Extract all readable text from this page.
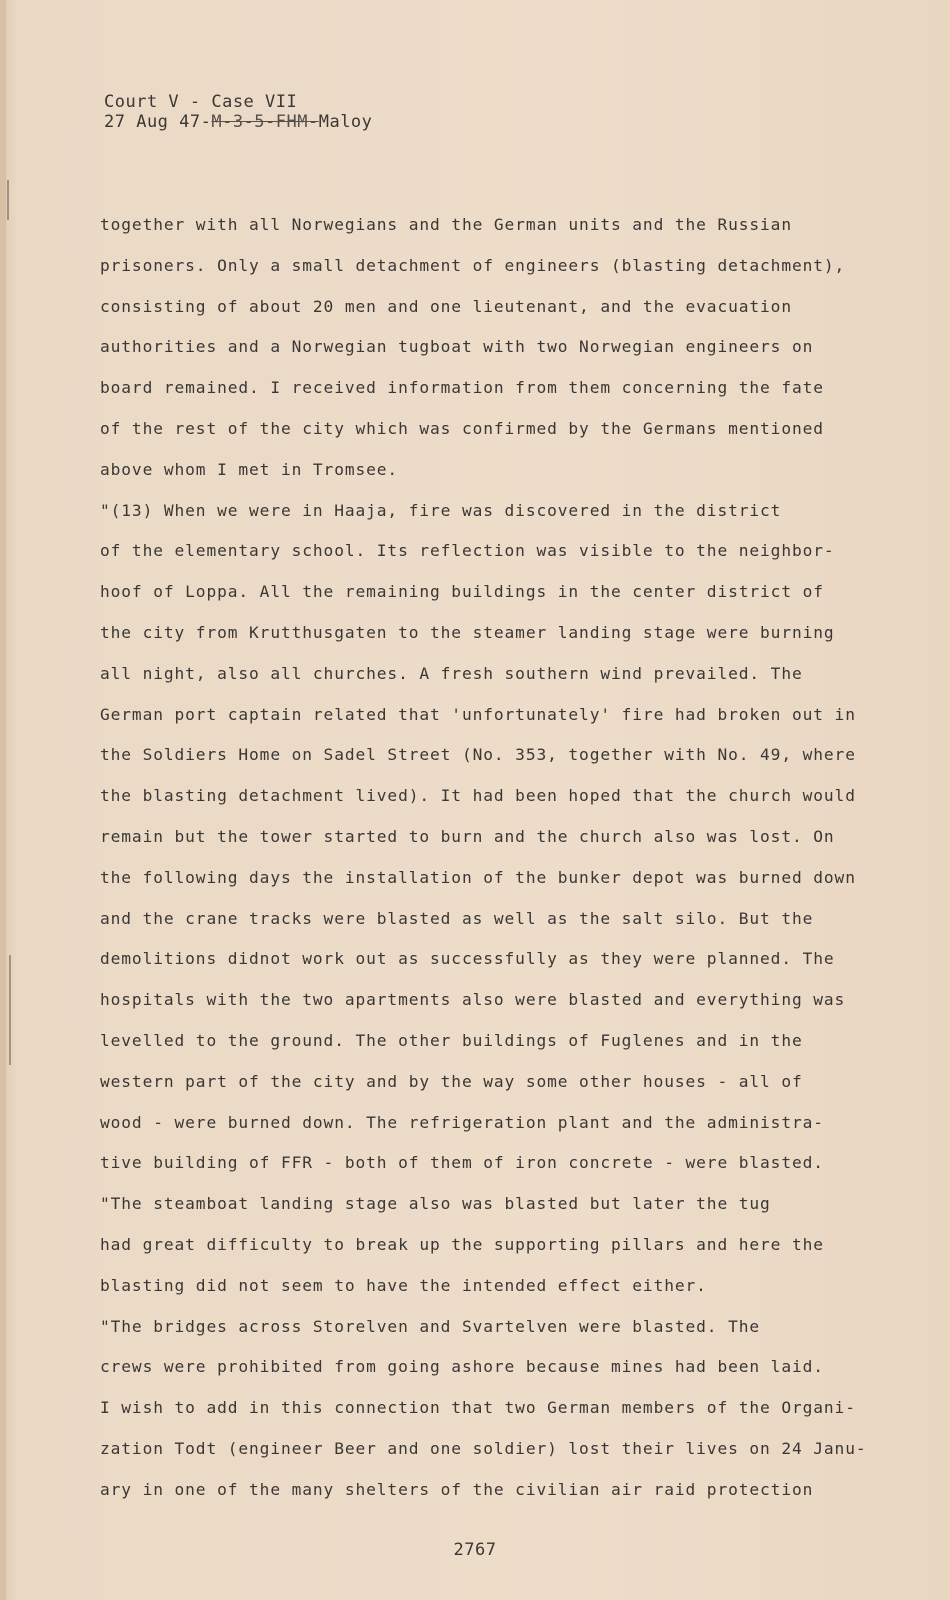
Court V - Case VII
27 Aug 47-M-3-5-FHM-Maloy
together with all Norwegians and the German units and the Russian
prisoners. Only a small detachment of engineers (blasting detachment),
consisting of about 20 men and one lieutenant, and the evacuation
authorities and a Norwegian tugboat with two Norwegian engineers on
board remained. I received information from them concerning the fate
of the rest of the city which was confirmed by the Germans mentioned
above whom I met in Tromsee.
"(13) When we were in Haaja, fire was discovered in the district
of the elementary school. Its reflection was visible to the neighbor-
hoof of Loppa. All the remaining buildings in the center district of
the city from Krutthusgaten to the steamer landing stage were burning
all night, also all churches. A fresh southern wind prevailed. The
German port captain related that 'unfortunately' fire had broken out in
the Soldiers Home on Sadel Street (No. 353, together with No. 49, where
the blasting detachment lived). It had been hoped that the church would
remain but the tower started to burn and the church also was lost. On
the following days the installation of the bunker depot was burned down
and the crane tracks were blasted as well as the salt silo. But the
demolitions didnot work out as successfully as they were planned. The
hospitals with the two apartments also were blasted and everything was
levelled to the ground. The other buildings of Fuglenes and in the
western part of the city and by the way some other houses - all of
wood - were burned down. The refrigeration plant and the administra-
tive building of FFR - both of them of iron concrete - were blasted.
"The steamboat landing stage also was blasted but later the tug
had great difficulty to break up the supporting pillars and here the
blasting did not seem to have the intended effect either.
"The bridges across Storelven and Svartelven were blasted. The
crews were prohibited from going ashore because mines had been laid.
I wish to add in this connection that two German members of the Organi-
zation Todt (engineer Beer and one soldier) lost their lives on 24 Janu-
ary in one of the many shelters of the civilian air raid protection
2767
